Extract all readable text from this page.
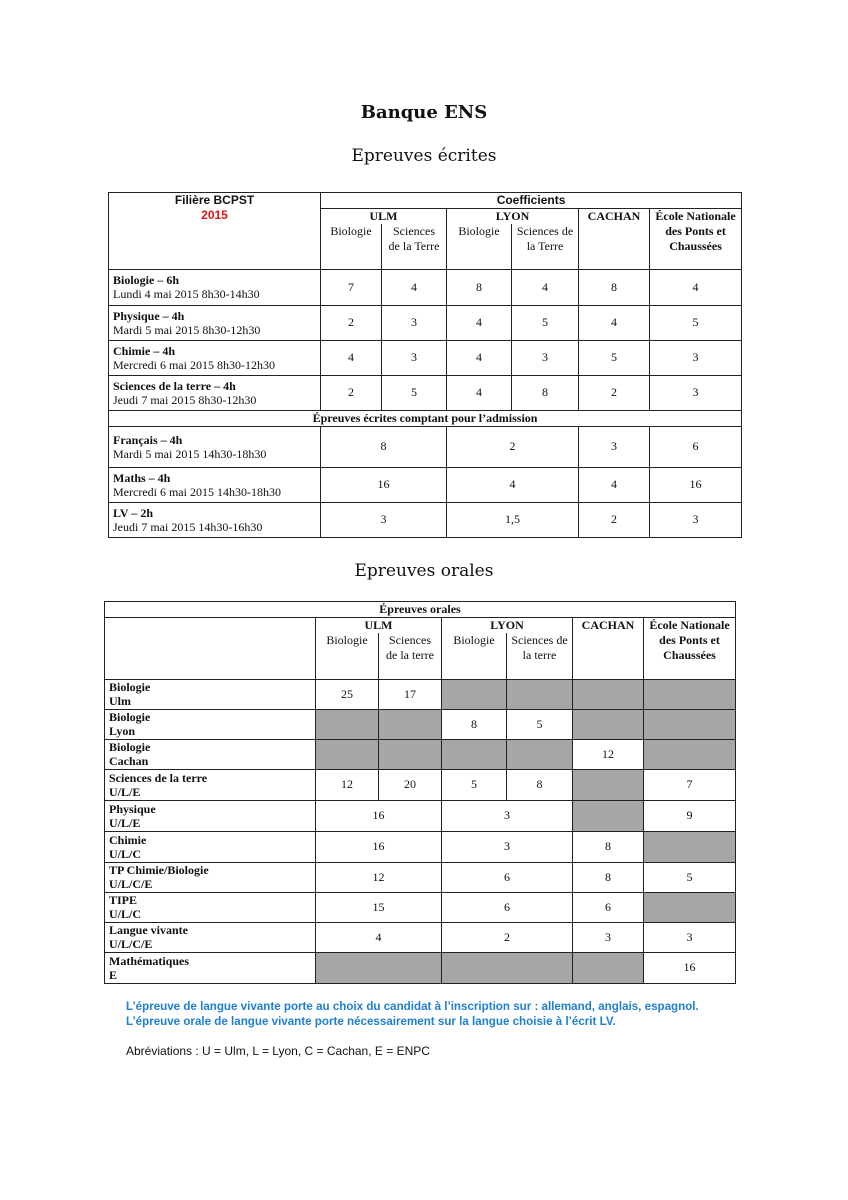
Banque ENS
Epreuves écrites
Filière BCPST
2015	Coefficients					
	ULM		LYON		CACHAN	École Nationale des Ponts et Chaussées
	Biologie	Sciences de la Terre	Biologie	Sciences de la Terre		

Biologie – 6h
Lundi 4 mai 2015 8h30-14h30	7	4	8	4	8	4

Physique – 4h
Mardi 5 mai 2015 8h30-12h30	2	3	4	5	4	5

Chimie – 4h
Mercredi 6 mai 2015 8h30-12h30	4	3	4	3	5	3

Sciences de la terre – 4h
Jeudi 7 mai 2015 8h30-12h30	2	5	4	8	2	3
Épreuves écrites comptant pour l’admission						

Français – 4h
Mardi 5 mai 2015 14h30-18h30	8		2		3	6

Maths – 4h
Mercredi 6 mai 2015 14h30-18h30	16		4		4	16

LV – 2h
Jeudi 7 mai 2015 14h30-16h30	3		1,5		2	3
Epreuves orales
Épreuves orales						
	ULM		LYON		CACHAN	École Nationale des Ponts et Chaussées
	Biologie	Sciences de la terre	Biologie	Sciences de la terre		

Biologie
Ulm	25	17				

Biologie
Lyon			8	5		

Biologie
Cachan					12	

Sciences de la terre
U/L/E	12	20	5	8		7

Physique
U/L/E	16		3			9

Chimie
U/L/C	16		3		8	

TP Chimie/Biologie
U/L/C/E	12		6		8	5

TIPE
U/L/C	15		6		6	

Langue vivante
U/L/C/E	4		2		3	3

Mathématiques
E						16
L’épreuve de langue vivante porte au choix du candidat à l’inscription sur : allemand, anglais, espagnol.
L’épreuve orale de langue vivante porte nécessairement sur la langue choisie à l’écrit LV.
Abréviations : U = Ulm, L = Lyon, C = Cachan, E = ENPC
